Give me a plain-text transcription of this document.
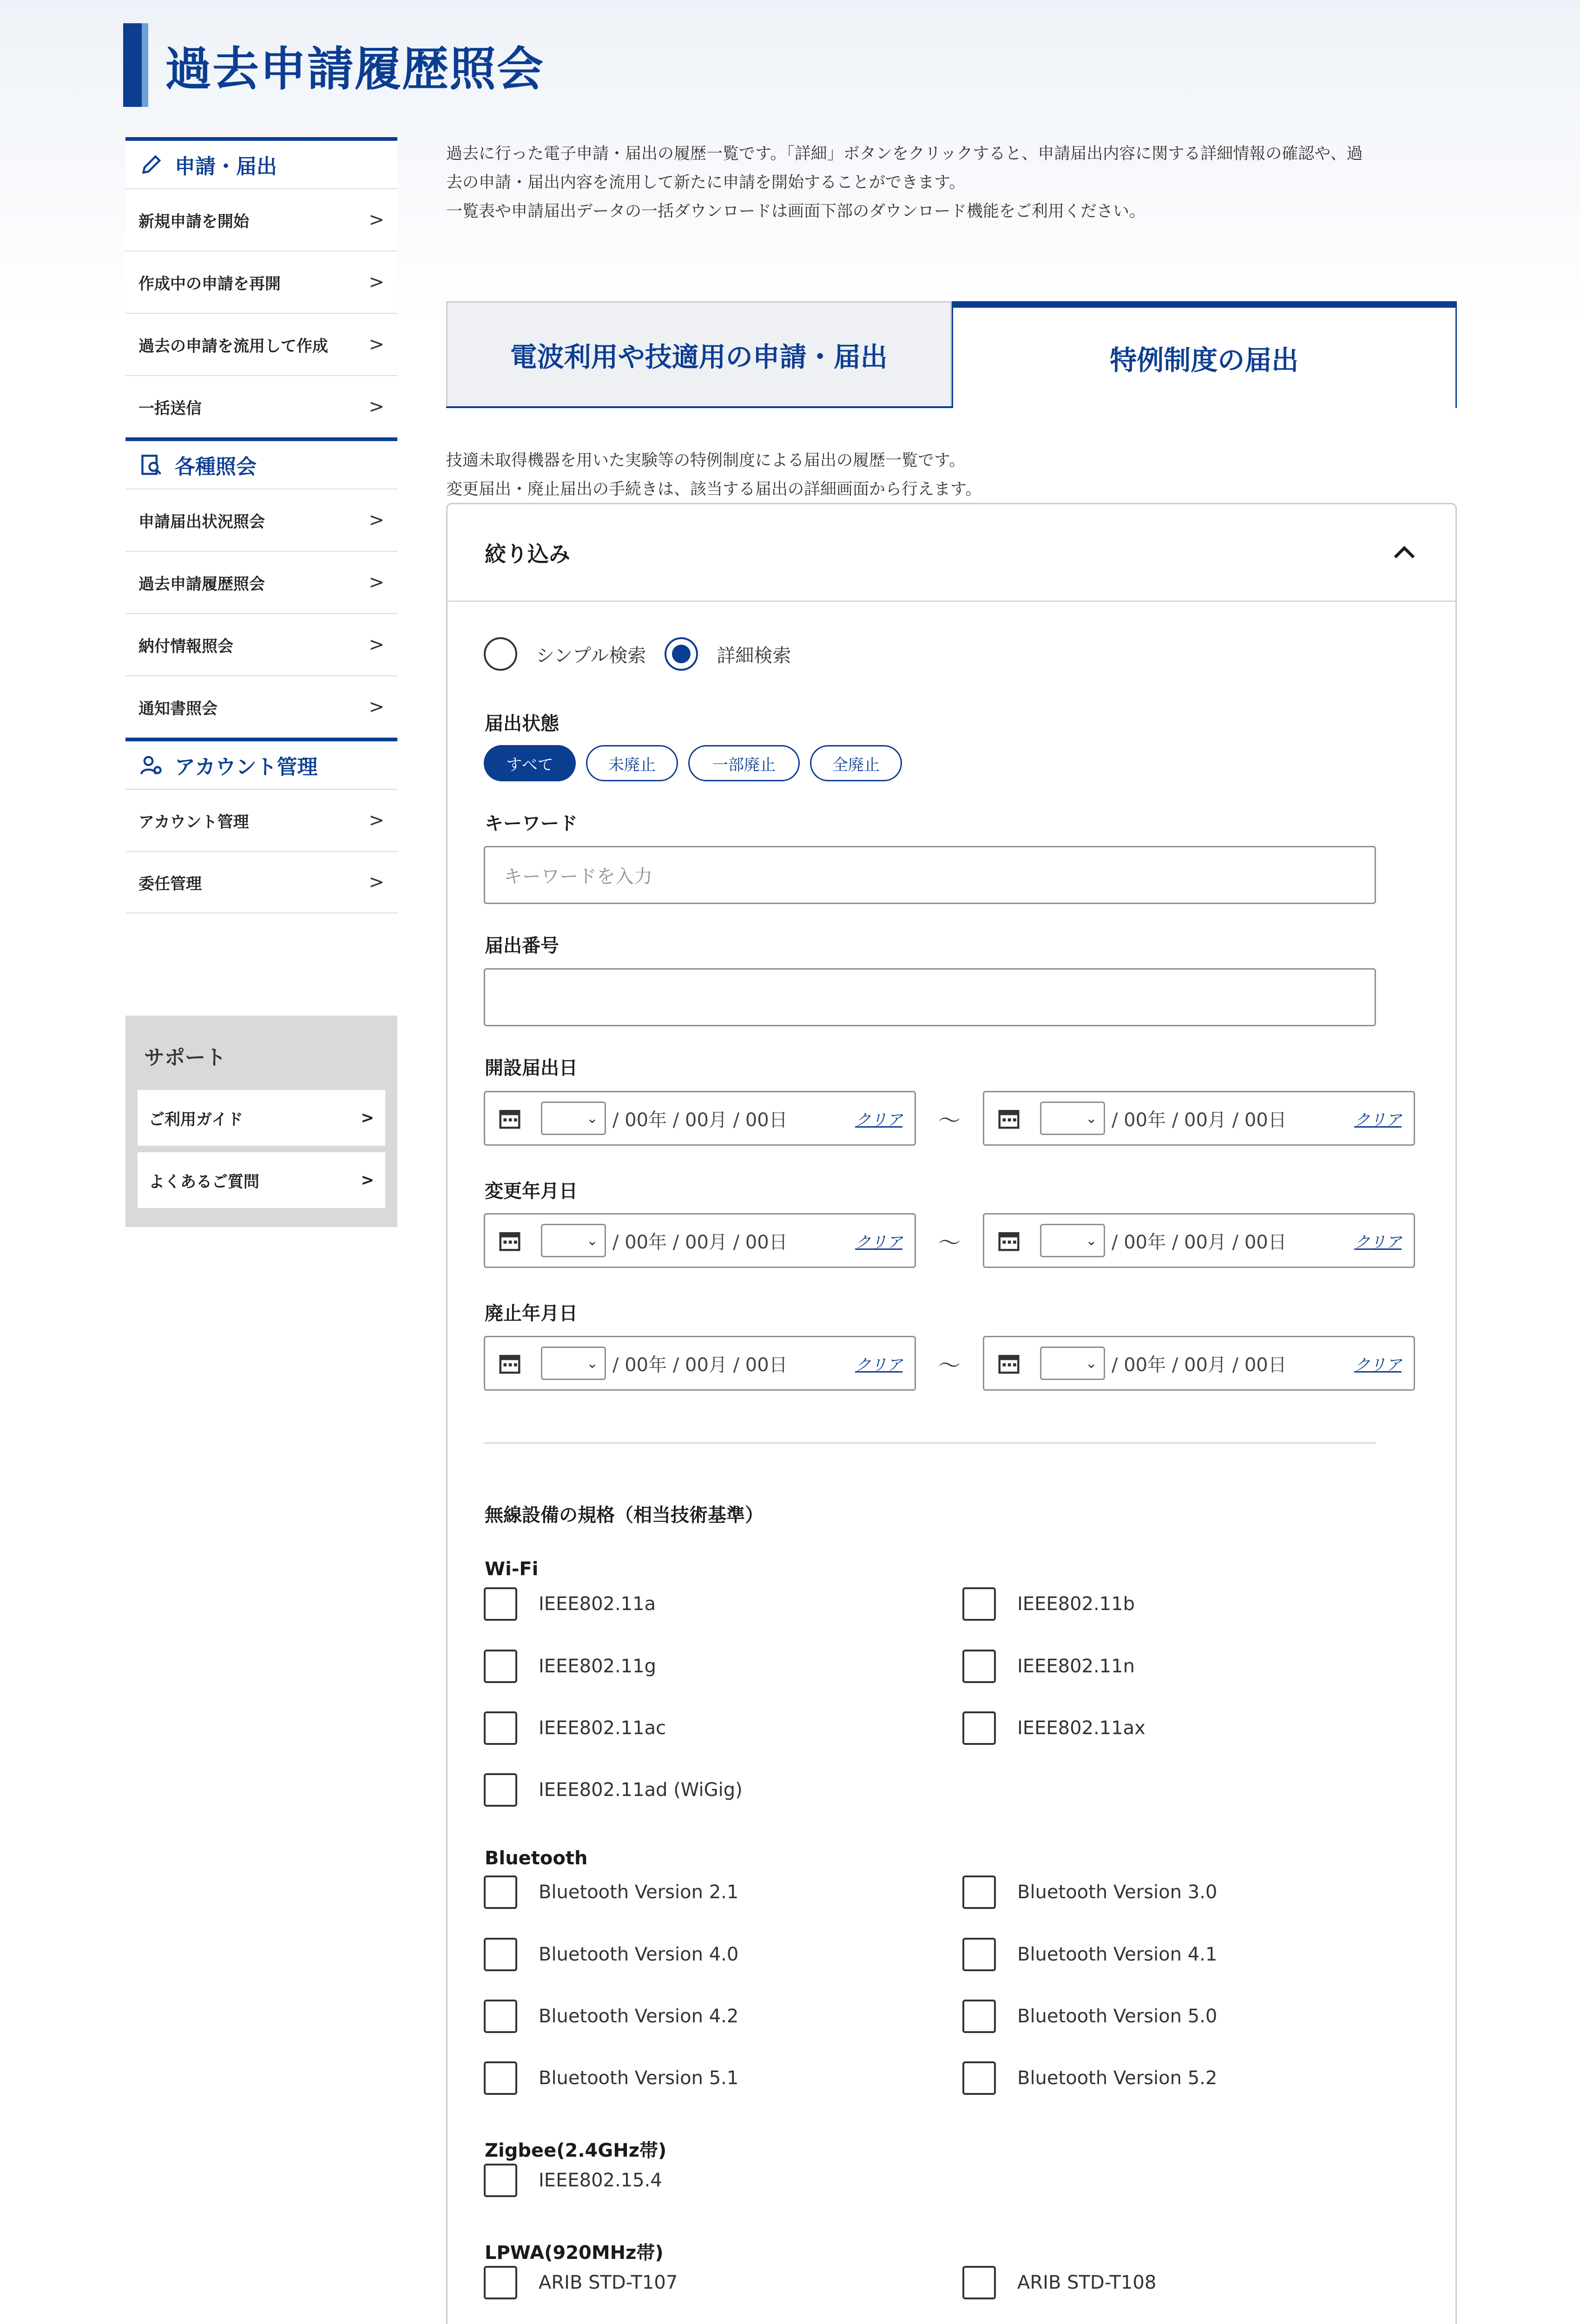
過去申請履歴照会
申請・届出
新規申請を開始	>
作成中の申請を再開	>
過去の申請を流用して作成 >
一括送信	>
各種照会
申請届出状況照会	>
過去申請履歴照会	>
納付情報照会	>
通知書照会	>
アカウント管理
アカウント管理	>
委任管理	>
サポート
ご利用ガイド	>
よくあるご質問	>
過去に行った電子申請・届出の履歴一覧です。「詳細」ボタンをクリックすると、申請届出内容に関する詳細情報の確認や、過
去の申請・届出内容を流用して新たに申請を開始することができます。
一覧表や申請届出データの一括ダウンロードは画面下部のダウンロード機能をご利用ください。
電波利用や技適用の申請・届出	特例制度の届出
技適未取得機器を用いた実験等の特例制度による届出の履歴一覧です。
変更届出・廃止届出の手続きは、該当する届出の詳細画面から行えます。
絞り込み
シンプル検索	詳細検索
届出状態
すべて	未廃止	一部廃止	全廃止
キーワード
キーワードを入力
届出番号
開設届出日
⌄ / 00年 / 00月 / 00日	クリア 〜	⌄ / 00年 / 00月 / 00日	クリア
変更年月日
⌄ / 00年 / 00月 / 00日	クリア 〜	⌄ / 00年 / 00月 / 00日	クリア
廃止年月日
⌄ / 00年 / 00月 / 00日	クリア 〜	⌄ / 00年 / 00月 / 00日	クリア
無線設備の規格（相当技術基準）
Wi-Fi
IEEE802.11a	IEEE802.11b
IEEE802.11g	IEEE802.11n
IEEE802.11ac	IEEE802.11ax
IEEE802.11ad (WiGig)
Bluetooth
Bluetooth Version 2.1	Bluetooth Version 3.0
Bluetooth Version 4.0	Bluetooth Version 4.1
Bluetooth Version 4.2	Bluetooth Version 5.0
Bluetooth Version 5.1	Bluetooth Version 5.2
Zigbee(2.4GHz帯)
IEEE802.15.4
LPWA(920MHz帯)
ARIB STD-T107	ARIB STD-T108
